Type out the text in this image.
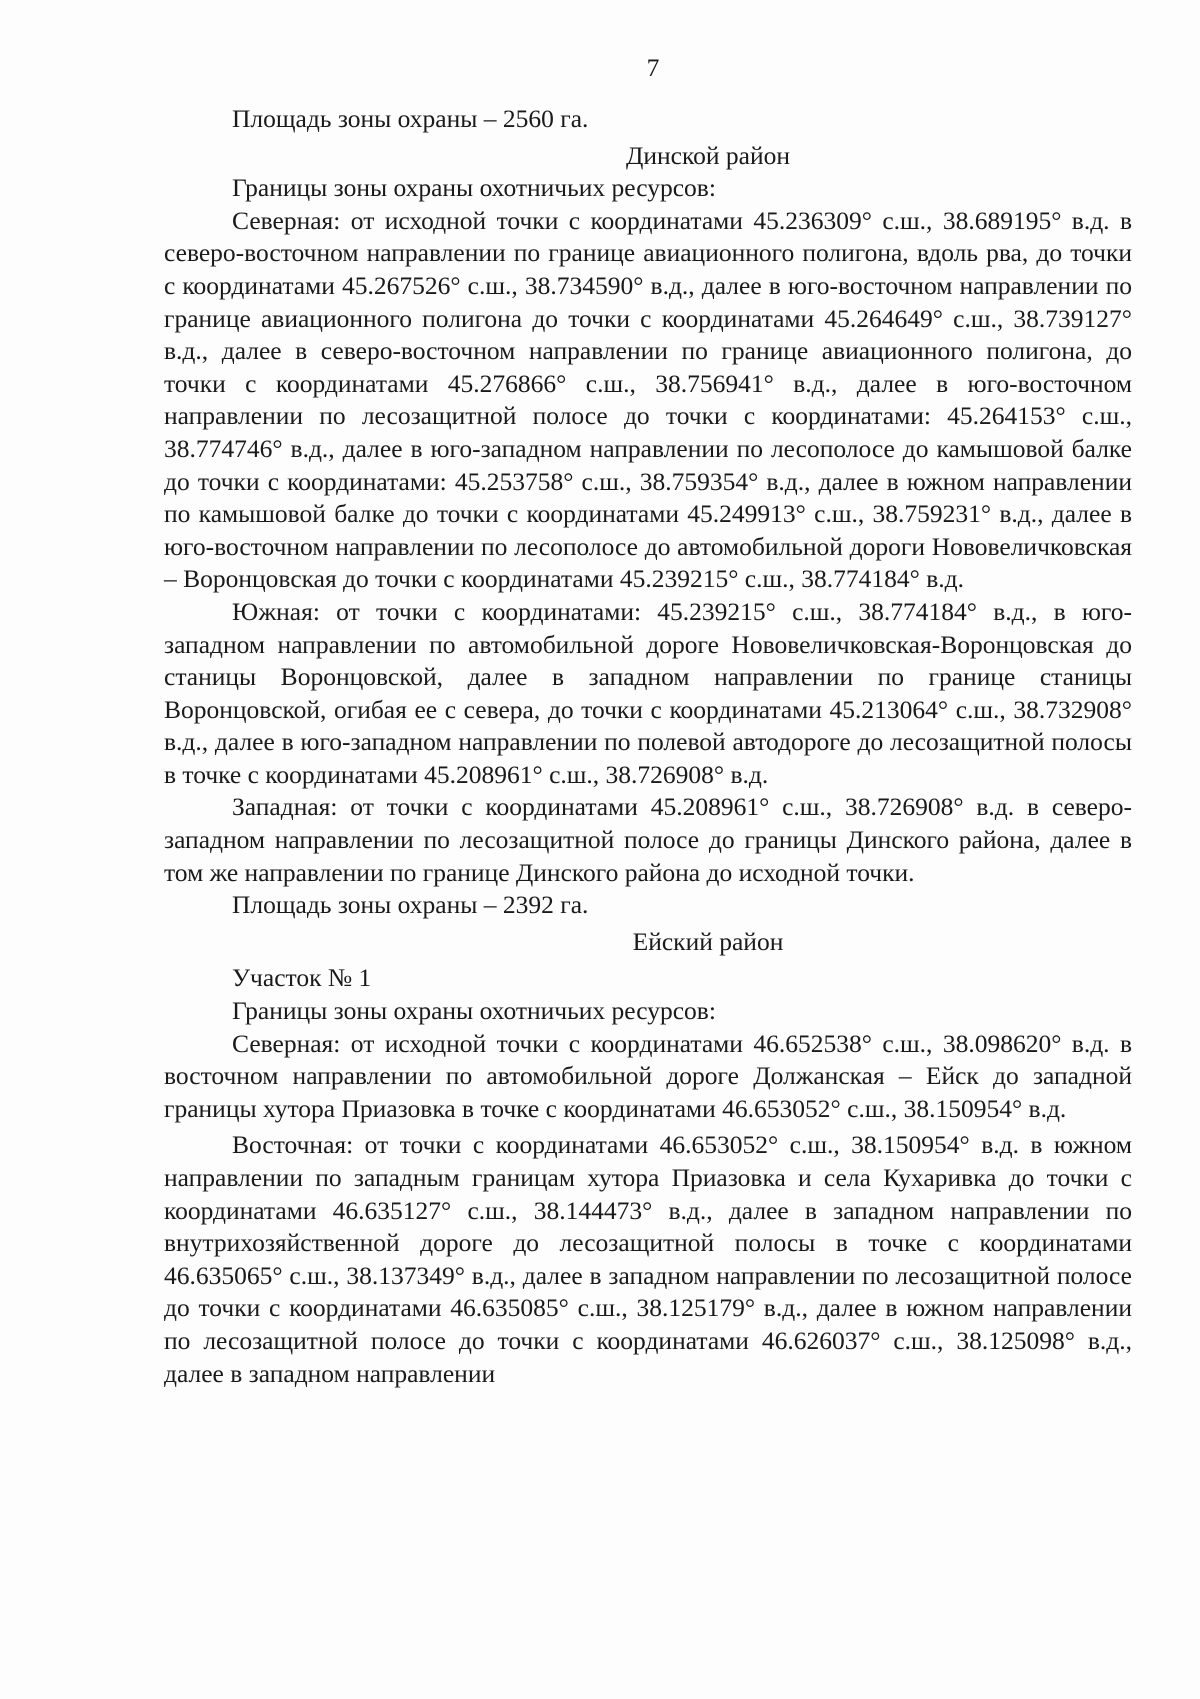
7

Площадь зоны охраны – 2560 га.

Динской район

Границы зоны охраны охотничьих ресурсов:

Северная: от исходной точки с координатами 45.236309° с.ш., 38.689195° в.д. в северо-восточном направлении по границе авиационного полигона, вдоль рва, до точки с координатами 45.267526° с.ш., 38.734590° в.д., далее в юго-восточном направлении по границе авиационного полигона до точки с координатами 45.264649° с.ш., 38.739127° в.д., далее в северо-восточном направлении по границе авиационного полигона, до точки с координатами 45.276866° с.ш., 38.756941° в.д., далее в юго-восточном направлении по лесозащитной полосе до точки с координатами: 45.264153° с.ш., 38.774746° в.д., далее в юго-западном направлении по лесополосе до камышовой балке до точки с координатами: 45.253758° с.ш., 38.759354° в.д., далее в южном направлении по камышовой балке до точки с координатами 45.249913° с.ш., 38.759231° в.д., далее в юго-восточном направлении по лесополосе до автомобильной дороги Нововеличковская – Воронцовская до точки с координатами 45.239215° с.ш., 38.774184° в.д.

Южная: от точки с координатами: 45.239215° с.ш., 38.774184° в.д., в юго-западном направлении по автомобильной дороге Нововеличковская-Воронцовская до станицы Воронцовской, далее в западном направлении по границе станицы Воронцовской, огибая ее с севера, до точки с координатами 45.213064° с.ш., 38.732908° в.д., далее в юго-западном направлении по полевой автодороге до лесозащитной полосы в точке с координатами 45.208961° с.ш., 38.726908° в.д.

Западная: от точки с координатами 45.208961° с.ш., 38.726908° в.д. в северо-западном направлении по лесозащитной полосе до границы Динского района, далее в том же направлении по границе Динского района до исходной точки.

Площадь зоны охраны – 2392 га.

Ейский район

Участок № 1

Границы зоны охраны охотничьих ресурсов:

Северная: от исходной точки с координатами 46.652538° с.ш., 38.098620° в.д. в восточном направлении по автомобильной дороге Должанская – Ейск до западной границы хутора Приазовка в точке с координатами 46.653052° с.ш., 38.150954° в.д.

Восточная: от точки с координатами 46.653052° с.ш., 38.150954° в.д. в южном направлении по западным границам хутора Приазовка и села Кухаривка до точки с координатами 46.635127° с.ш., 38.144473° в.д., далее в западном направлении по внутрихозяйственной дороге до лесозащитной полосы в точке с координатами 46.635065° с.ш., 38.137349° в.д., далее в западном направлении по лесозащитной полосе до точки с координатами 46.635085° с.ш., 38.125179° в.д., далее в южном направлении по лесозащитной полосе до точки с координатами 46.626037° с.ш., 38.125098° в.д., далее в западном направлении
